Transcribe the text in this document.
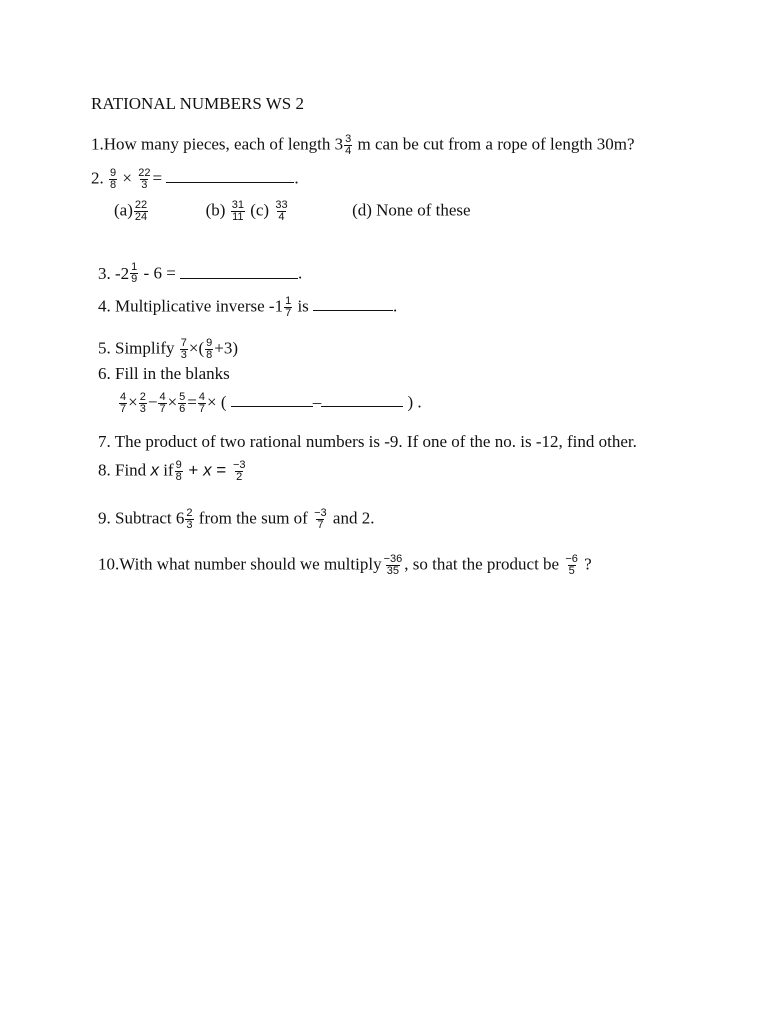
RATIONAL NUMBERS WS 2
1.How many pieces, each of length $3 \frac{3}{4}$ m can be cut from a rope of length 30m?
2. $\frac{9}{8} \times \frac{22}{3}$ =	.
$(a) \frac{22}{24}$	$(b) \frac{31}{11} (c) \frac{33}{4}$	(d) None of these
3. $-2 \frac{1}{9} - 6$ =	.
4. Multiplicative inverse $-1 \frac{1}{7}$ is	.
5. Simplify $\frac{7}{3}$ ×( $\frac{9}{8} +3$)
6. Fill in the blanks
$\frac{4}{7} \times \frac{2}{3} - \frac{4}{7} \times \frac{5}{6} = \frac{4}{7}$ × (	–	) .
7. The product of two rational numbers is -9. If one of the no. is -12, find other.
8. Find x if $\frac{9}{8} + x = \frac{-3}{2}$
9. Subtract $6 \frac{2}{3}$ from the sum of $\frac{-3}{7}$ and 2.
10.With what number should we multiply $\frac{-36}{35}$ , so that the product be $\frac{-6}{5}$ ?
